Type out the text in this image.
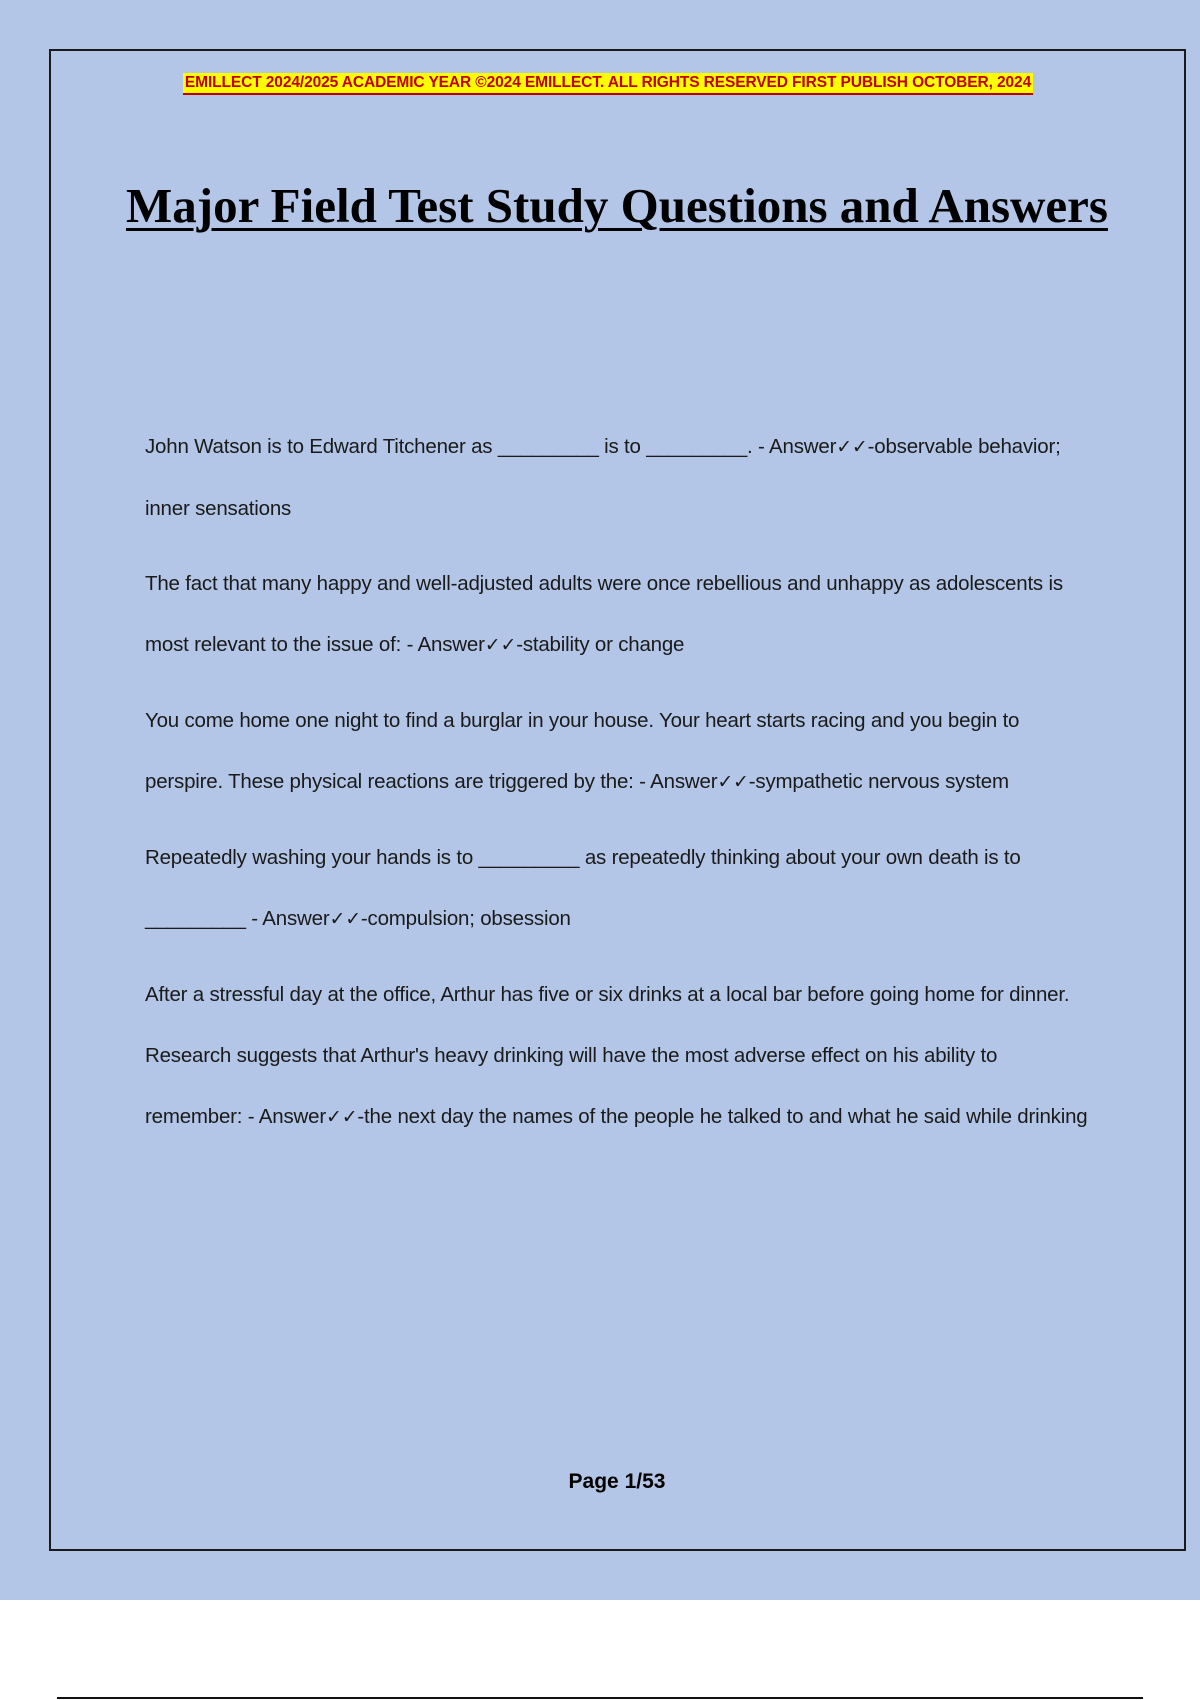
EMILLECT 2024/2025 ACADEMIC YEAR ©2024 EMILLECT. ALL RIGHTS RESERVED FIRST PUBLISH OCTOBER, 2024
Major Field Test Study Questions and Answers

John Watson is to Edward Titchener as _________ is to _________. - Answer✓✓-observable behavior; inner sensations

The fact that many happy and well-adjusted adults were once rebellious and unhappy as adolescents is most relevant to the issue of: - Answer✓✓-stability or change

You come home one night to find a burglar in your house. Your heart starts racing and you begin to perspire. These physical reactions are triggered by the: - Answer✓✓-sympathetic nervous system

Repeatedly washing your hands is to _________ as repeatedly thinking about your own death is to _________ - Answer✓✓-compulsion; obsession

After a stressful day at the office, Arthur has five or six drinks at a local bar before going home for dinner. Research suggests that Arthur's heavy drinking will have the most adverse effect on his ability to remember: - Answer✓✓-the next day the names of the people he talked to and what he said while drinking

Page 1/53
